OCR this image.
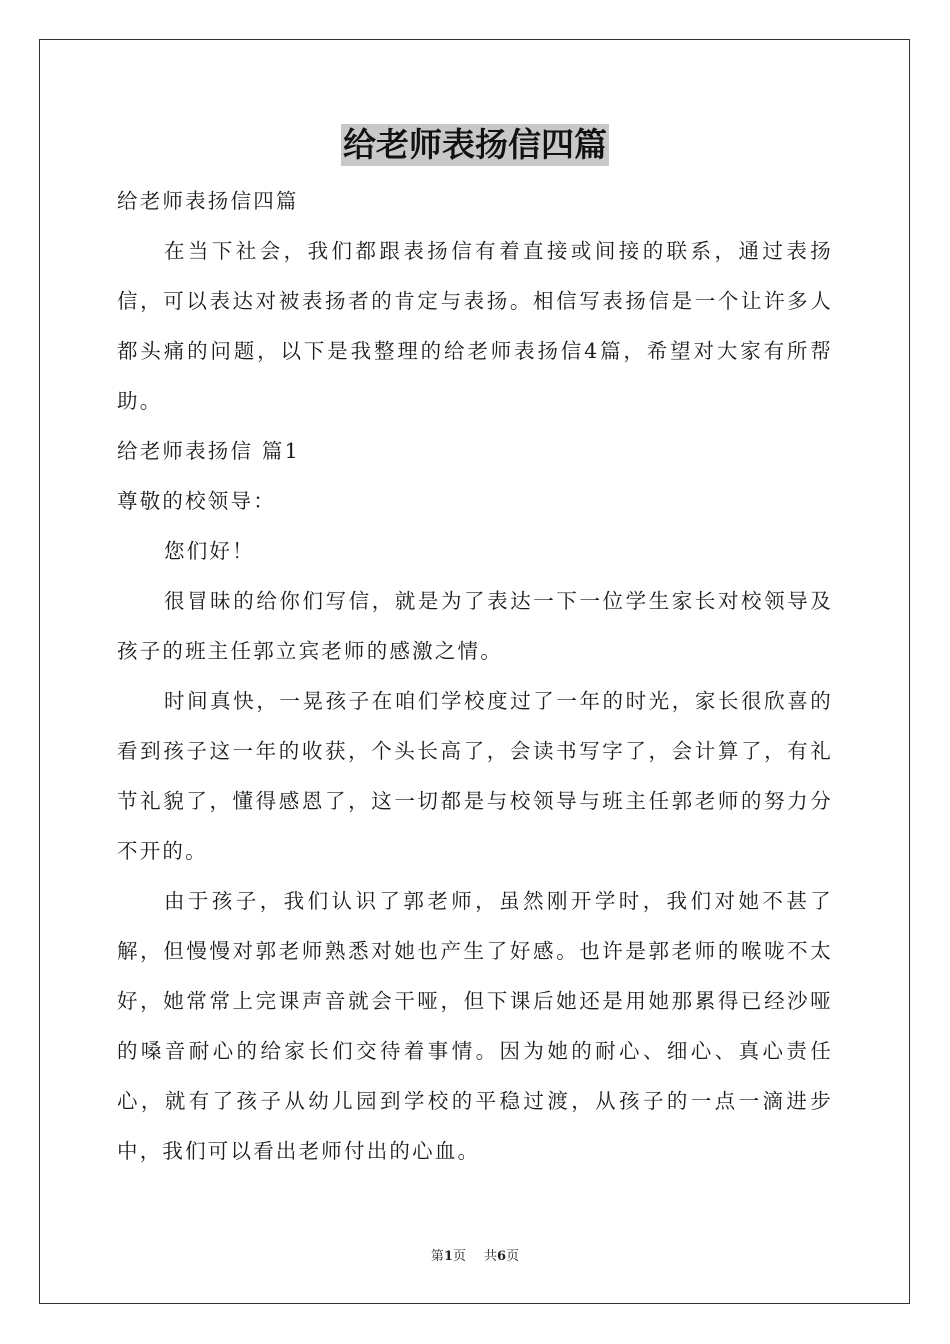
给老师表扬信四篇

给老师表扬信四篇

在当下社会，我们都跟表扬信有着直接或间接的联系，通过表扬信，可以表达对被表扬者的肯定与表扬。相信写表扬信是一个让许多人都头痛的问题，以下是我整理的给老师表扬信4篇，希望对大家有所帮助。

给老师表扬信 篇1

尊敬的校领导：

您们好！

很冒昧的给你们写信，就是为了表达一下一位学生家长对校领导及孩子的班主任郭立宾老师的感激之情。

时间真快，一晃孩子在咱们学校度过了一年的时光，家长很欣喜的看到孩子这一年的收获，个头长高了，会读书写字了，会计算了，有礼节礼貌了，懂得感恩了，这一切都是与校领导与班主任郭老师的努力分不开的。

由于孩子，我们认识了郭老师，虽然刚开学时，我们对她不甚了解，但慢慢对郭老师熟悉对她也产生了好感。也许是郭老师的喉咙不太好，她常常上完课声音就会干哑，但下课后她还是用她那累得已经沙哑的嗓音耐心的给家长们交待着事情。因为她的耐心、细心、真心责任心，就有了孩子从幼儿园到学校的平稳过渡，从孩子的一点一滴进步中，我们可以看出老师付出的心血。

第1页 共6页
